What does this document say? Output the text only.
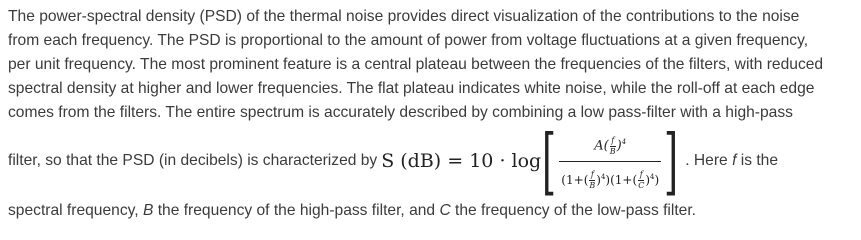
The power-spectral density (PSD) of the thermal noise provides direct visualization of the contributions to the noise
from each frequency. The PSD is proportional to the amount of power from voltage fluctuations at a given frequency,
per unit frequency. The most prominent feature is a central plateau between the frequencies of the filters, with reduced
spectral density at higher and lower frequencies. The flat plateau indicates white noise, while the roll-off at each edge
comes from the filters. The entire spectrum is accurately described by combining a low pass-filter with a high-pass
filter, so that the PSD (in decibels) is characterized by S (dB) = 10 · log [ $\frac{A( \frac{f}{B} )^4}{(1+( \frac{f}{B} )^4)(1+( \frac{f}{C} )^4)}$ ] . Here
f
is the
spectral frequency, B the frequency of the high-pass filter, and C the frequency of the low-pass filter.
